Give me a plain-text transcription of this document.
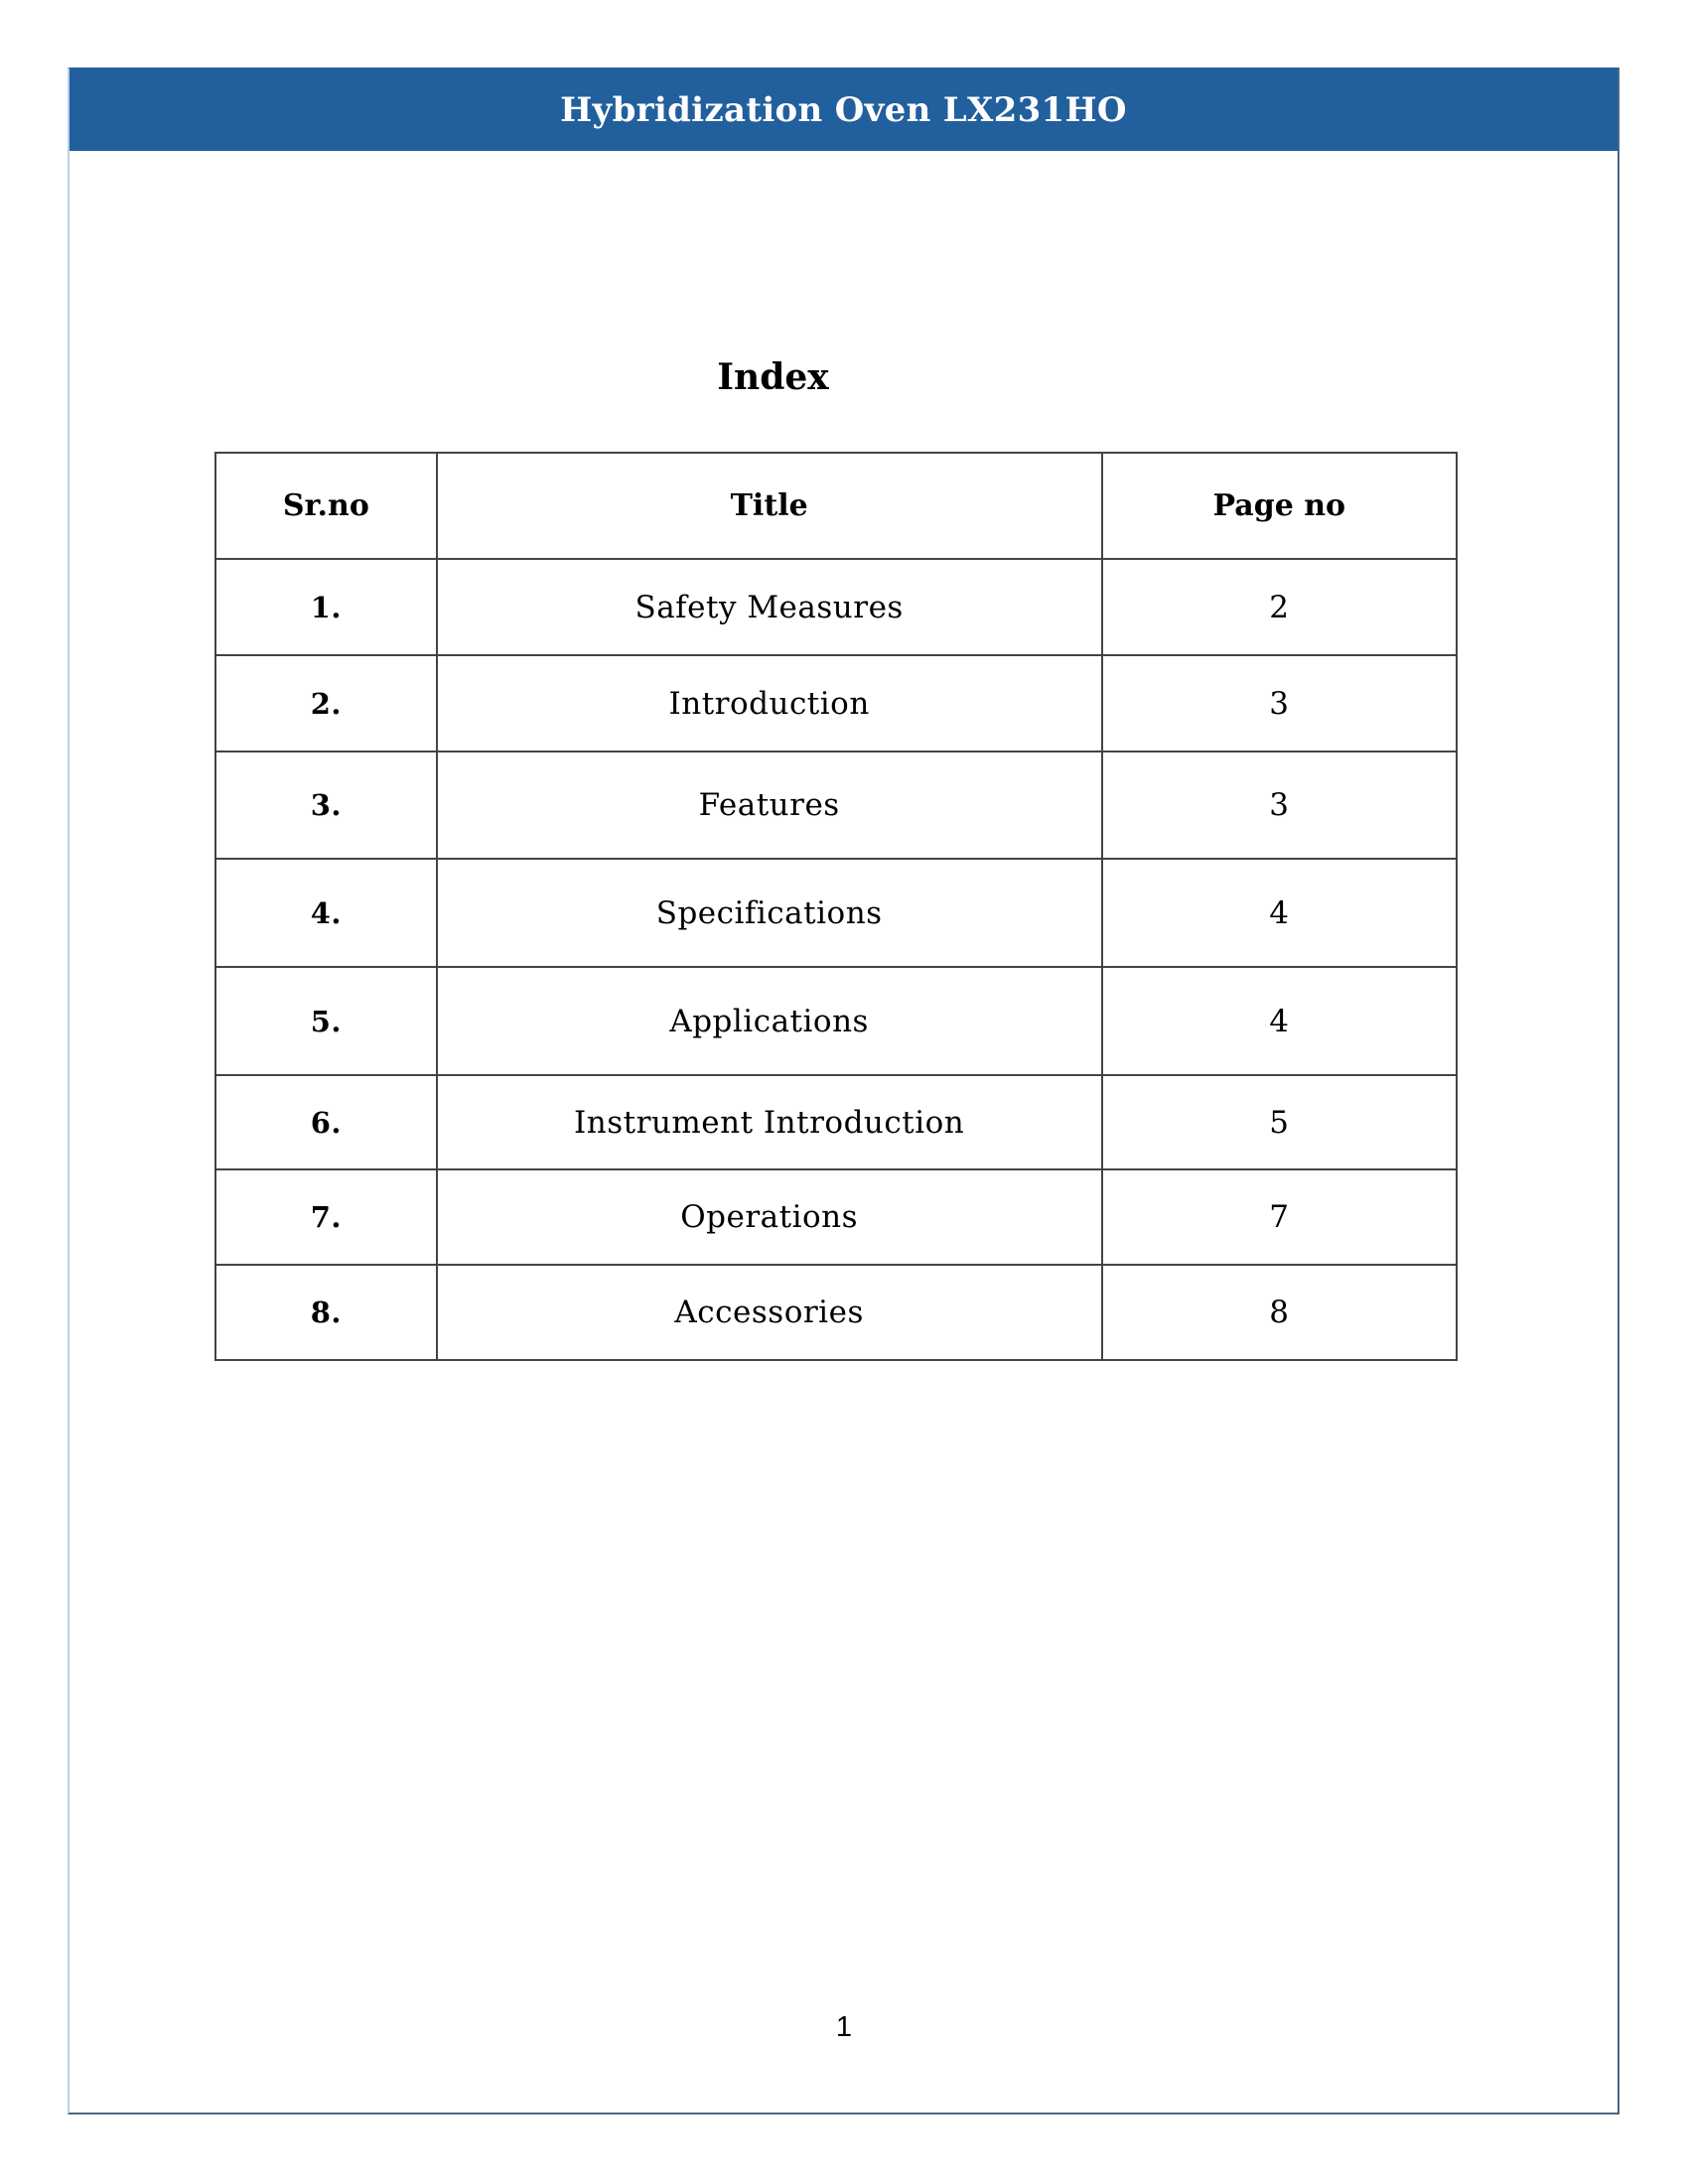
Hybridization Oven LX231HO
Index
Sr.no	Title	Page no
1.	Safety Measures	2
2.	Introduction	3
3.	Features	3
4.	Specifications	4
5.	Applications	4
6.	Instrument Introduction	5
7.	Operations	7
8.	Accessories	8
1
